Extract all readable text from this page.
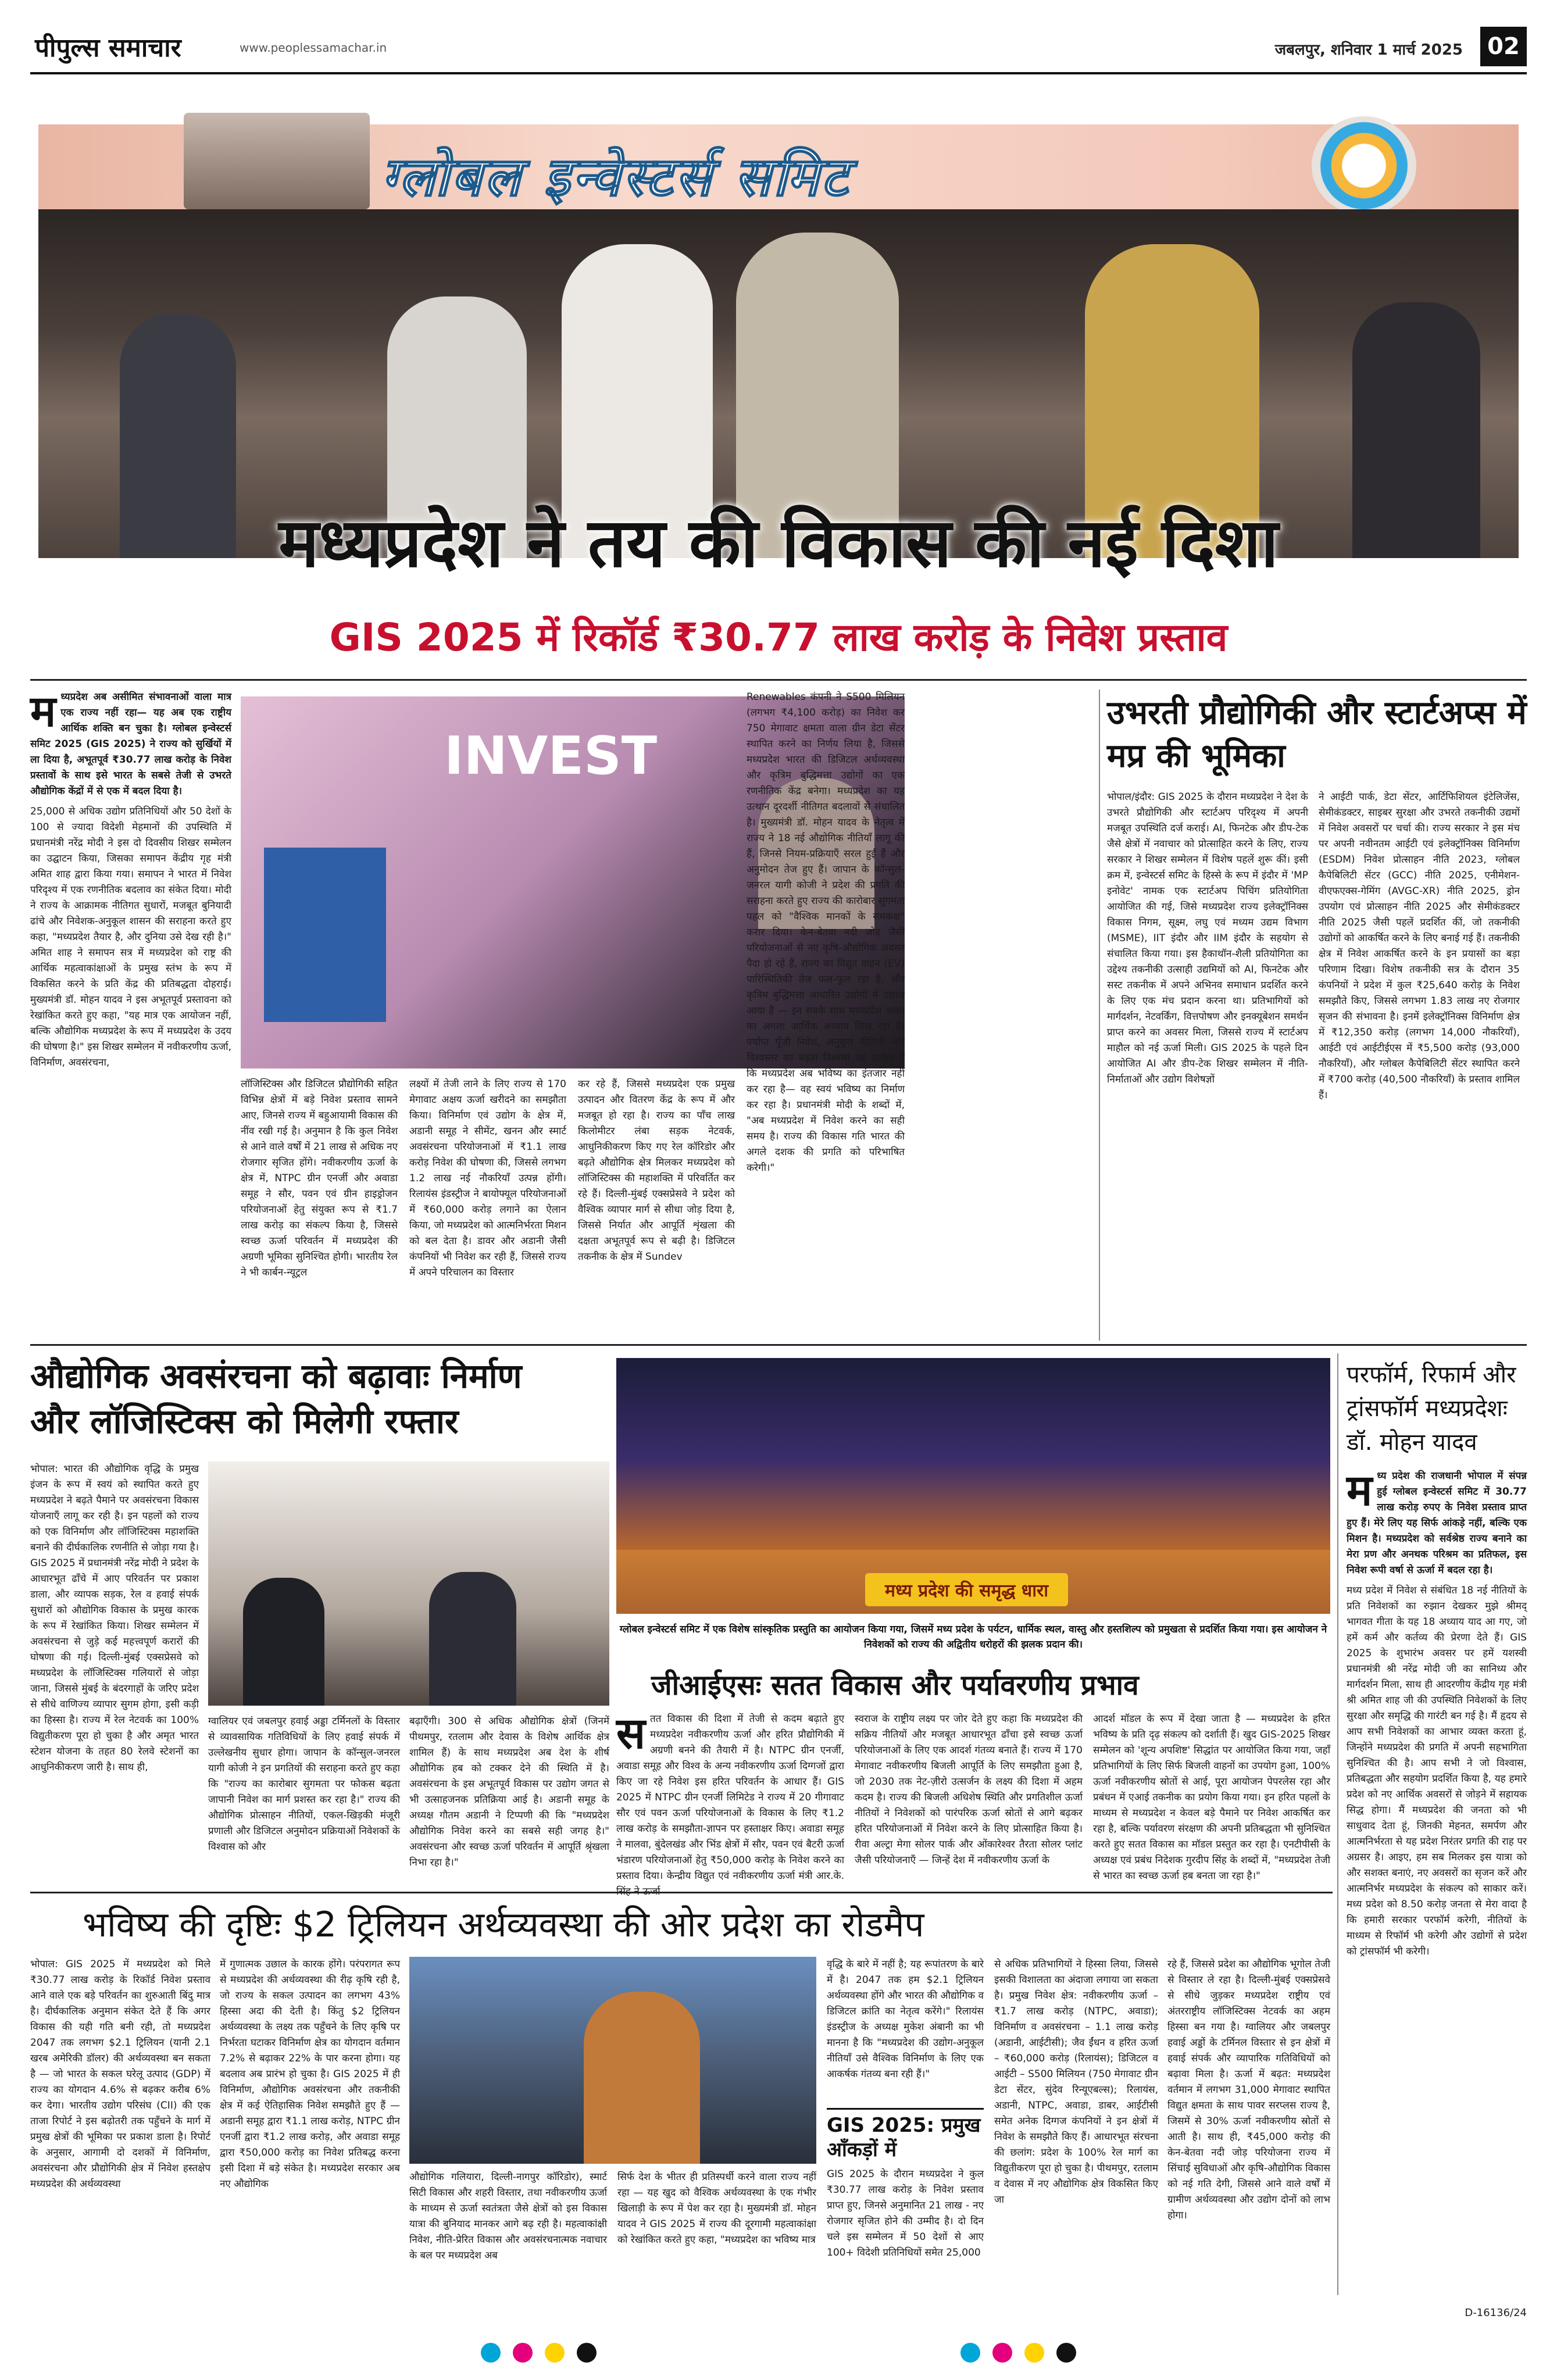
पीपुल्स समाचार	www.peoplessamachar.in	जबलपुर, शनिवार 1 मार्च 2025	02
ग्लोबल इन्वेस्टर्स समिट
मध्यप्रदेश ने तय की विकास की नई दिशा
GIS 2025 में रिकॉर्ड ₹30.77 लाख करोड़ के निवेश प्रस्ताव
म ध्यप्रदेश अब असीमित संभावनाओं वाला मात्र एक राज्य नहीं रहा— यह अब एक राष्ट्रीय आर्थिक शक्ति बन चुका है। ग्लोबल इन्वेस्टर्स समिट 2025 (GIS 2025) ने राज्य को सुर्खियों में ला दिया है, अभूतपूर्व ₹30.77 लाख करोड़ के निवेश प्रस्तावों के साथ इसे भारत के सबसे तेजी से उभरते औद्योगिक केंद्रों में से एक में बदल दिया है।

25,000 से अधिक उद्योग प्रतिनिधियों और 50 देशों के 100 से ज्यादा विदेशी मेहमानों की उपस्थिति में प्रधानमंत्री नरेंद्र मोदी ने इस दो दिवसीय शिखर सम्मेलन का उद्घाटन किया, जिसका समापन केंद्रीय गृह मंत्री अमित शाह द्वारा किया गया। समापन ने भारत में निवेश परिदृश्य में एक रणनीतिक बदलाव का संकेत दिया। मोदी ने राज्य के आक्रामक नीतिगत सुधारों, मजबूत बुनियादी ढांचे और निवेशक-अनुकूल शासन की सराहना करते हुए कहा, "मध्यप्रदेश तैयार है, और दुनिया उसे देख रही है।" अमित शाह ने समापन सत्र में मध्यप्रदेश को राष्ट्र की आर्थिक महत्वाकांक्षाओं के प्रमुख स्तंभ के रूप में विकसित करने के प्रति केंद्र की प्रतिबद्धता दोहराई। मुख्यमंत्री डॉ. मोहन यादव ने इस अभूतपूर्व प्रस्तावना को रेखांकित करते हुए कहा, "यह मात्र एक आयोजन नहीं, बल्कि औद्योगिक मध्यप्रदेश के रूप में मध्यप्रदेश के उदय की घोषणा है।" इस शिखर सम्मेलन में नवीकरणीय ऊर्जा, विनिर्माण, अवसंरचना,

INVEST
लॉजिस्टिक्स और डिजिटल प्रौद्योगिकी सहित विभिन्न क्षेत्रों में बड़े निवेश प्रस्ताव सामने आए, जिनसे राज्य में बहुआयामी विकास की नींव रखी गई है। अनुमान है कि कुल निवेश से आने वाले वर्षों में 21 लाख से अधिक नए रोजगार सृजित होंगे। नवीकरणीय ऊर्जा के क्षेत्र में, NTPC ग्रीन एनर्जी और अवाडा समूह ने सौर, पवन एवं ग्रीन हाइड्रोजन परियोजनाओं हेतु संयुक्त रूप से ₹1.7 लाख करोड़ का संकल्प किया है, जिससे स्वच्छ ऊर्जा परिवर्तन में मध्यप्रदेश की अग्रणी भूमिका सुनिश्चित होगी। भारतीय रेल ने भी कार्बन-न्यूट्रल
लक्ष्यों में तेजी लाने के लिए राज्य से 170 मेगावाट अक्षय ऊर्जा खरीदने का समझौता किया। विनिर्माण एवं उद्योग के क्षेत्र में, अडानी समूह ने सीमेंट, खनन और स्मार्ट अवसंरचना परियोजनाओं में ₹1.1 लाख करोड़ निवेश की घोषणा की, जिससे लगभग 1.2 लाख नई नौकरियाँ उत्पन्न होंगी। रिलायंस इंडस्ट्रीज ने बायोफ्यूल परियोजनाओं में ₹60,000 करोड़ लगाने का ऐलान किया, जो मध्यप्रदेश को आत्मनिर्भरता मिशन को बल देता है। डावर और अडानी जैसी कंपनियों भी निवेश कर रही हैं, जिससे राज्य में अपने परिचालन का विस्तार
कर रहे हैं, जिससे मध्यप्रदेश एक प्रमुख उत्पादन और वितरण केंद्र के रूप में और मजबूत हो रहा है। राज्य का पाँच लाख किलोमीटर लंबा सड़क नेटवर्क, आधुनिकीकरण किए गए रेल कॉरिडोर और बढ़ते औद्योगिक क्षेत्र मिलकर मध्यप्रदेश को लॉजिस्टिक्स की महाशक्ति में परिवर्तित कर रहे हैं। दिल्ली-मुंबई एक्सप्रेसवे ने प्रदेश को वैश्विक व्यापार मार्ग से सीधा जोड़ दिया है, जिससे निर्यात और आपूर्ति शृंखला की दक्षता अभूतपूर्व रूप से बढ़ी है। डिजिटल तकनीक के क्षेत्र में Sundev
Renewables कंपनी ने S500 मिलियन (लगभग ₹4,100 करोड़) का निवेश कर 750 मेगावाट क्षमता वाला ग्रीन डेटा सेंटर स्थापित करने का निर्णय लिया है, जिससे मध्यप्रदेश भारत की डिजिटल अर्थव्यवस्था और कृत्रिम बुद्धिमत्ता उद्योगों का एक रणनीतिक केंद्र बनेगा। मध्यप्रदेश का यह उत्थान दूरदर्शी नीतिगत बदलावों से संचालित है। मुख्यमंत्री डॉ. मोहन यादव के नेतृत्व में राज्य ने 18 नई औद्योगिक नीतियाँ लागू की हैं, जिनसे नियम-प्रक्रियाएँ सरल हुई हैं और अनुमोदन तेज हुए हैं। जापान के कॉन्सुल-जनरल यागी कोजी ने प्रदेश की प्रगति की सराहना करते हुए राज्य की कारोबार सुगमता पहल को "वैश्विक मानकों के समकक्ष" करार दिया। केन-बेतवा नदी जोड़ जैसी परियोजनाओं से नए कृषि-औद्योगिक अवसर पैदा हो रहे हैं, राज्य का विद्युत वाहन (EV) पारिस्थितिकी तेज फल-फूल रहा है, और कृत्रिम बुद्धिमत्ता आधारित उद्योगों में उछाल आया है — इन सबके साथ मध्यप्रदेश भारत का अगला आर्थिक अध्याय लिख रहा है। पर्याप्त पूँजी निवेश, अनुकूल नीतियों और विश्वस्तर का बढ़ता विश्वास यह दर्शाता है कि मध्यप्रदेश अब भविष्य का इंतजार नहीं कर रहा है— वह स्वयं भविष्य का निर्माण कर रहा है। प्रधानमंत्री मोदी के शब्दों में, "अब मध्यप्रदेश में निवेश करने का सही समय है। राज्य की विकास गति भारत की अगले दशक की प्रगति को परिभाषित करेगी।"
उभरती प्रौद्योगिकी और स्टार्टअप्स में मप्र की भूमिका
भोपाल/इंदौर: GIS 2025 के दौरान मध्यप्रदेश ने देश के उभरते प्रौद्योगिकी और स्टार्टअप परिदृश्य में अपनी मजबूत उपस्थिति दर्ज कराई। AI, फिनटेक और डीप-टेक जैसे क्षेत्रों में नवाचार को प्रोत्साहित करने के लिए, राज्य सरकार ने शिखर सम्मेलन में विशेष पहलें शुरू कीं। इसी क्रम में, इन्वेस्टर्स समिट के हिस्से के रूप में इंदौर में 'MP इनोवेट' नामक एक स्टार्टअप पिचिंग प्रतियोगिता आयोजित की गई, जिसे मध्यप्रदेश राज्य इलेक्ट्रॉनिक्स विकास निगम, सूक्ष्म, लघु एवं मध्यम उद्यम विभाग (MSME), IIT इंदौर और IIM इंदौर के सहयोग से संचालित किया गया। इस हैकाथॉन-शैली प्रतियोगिता का उद्देश्य तकनीकी उत्साही उद्यमियों को AI, फिनटेक और सस्ट तकनीक में अपने अभिनव समाधान प्रदर्शित करने के लिए एक मंच प्रदान करना था। प्रतिभागियों को मार्गदर्शन, नेटवर्किंग, वित्तपोषण और इनक्यूबेशन समर्थन प्राप्त करने का अवसर मिला, जिससे राज्य में स्टार्टअप माहौल को नई ऊर्जा मिली। GIS 2025 के पहले दिन आयोजित AI और डीप-टेक शिखर सम्मेलन में नीति-निर्माताओं और उद्योग विशेषज्ञों
ने आईटी पार्क, डेटा सेंटर, आर्टिफिशियल इंटेलिजेंस, सेमीकंडक्टर, साइबर सुरक्षा और उभरते तकनीकी उद्यमों में निवेश अवसरों पर चर्चा की। राज्य सरकार ने इस मंच पर अपनी नवीनतम आईटी एवं इलेक्ट्रॉनिक्स विनिर्माण (ESDM) निवेश प्रोत्साहन नीति 2023, ग्लोबल कैपेबिलिटी सेंटर (GCC) नीति 2025, एनीमेशन-वीएफएक्स-गेमिंग (AVGC-XR) नीति 2025, ड्रोन उपयोग एवं प्रोत्साहन नीति 2025 और सेमीकंडक्टर नीति 2025 जैसी पहलें प्रदर्शित कीं, जो तकनीकी उद्योगों को आकर्षित करने के लिए बनाई गई हैं। तकनीकी क्षेत्र में निवेश आकर्षित करने के इन प्रयासों का बड़ा परिणाम दिखा। विशेष तकनीकी सत्र के दौरान 35 कंपनियों ने प्रदेश में कुल ₹25,640 करोड़ के निवेश समझौते किए, जिससे लगभग 1.83 लाख नए रोजगार सृजन की संभावना है। इनमें इलेक्ट्रॉनिक्स विनिर्माण क्षेत्र में ₹12,350 करोड़ (लगभग 14,000 नौकरियाँ), आईटी एवं आईटीईएस में ₹5,500 करोड़ (93,000 नौकरियाँ), और ग्लोबल कैपेबिलिटी सेंटर स्थापित करने में ₹700 करोड़ (40,500 नौकरियाँ) के प्रस्ताव शामिल हैं।
औद्योगिक अवसंरचना को बढ़ावाः निर्माण
और लॉजिस्टिक्स को मिलेगी रफ्तार
भोपाल: भारत की औद्योगिक वृद्धि के प्रमुख इंजन के रूप में स्वयं को स्थापित करते हुए मध्यप्रदेश ने बढ़ते पैमाने पर अवसंरचना विकास योजनाएँ लागू कर रही है। इन पहलों को राज्य को एक विनिर्माण और लॉजिस्टिक्स महाशक्ति बनाने की दीर्घकालिक रणनीति से जोड़ा गया है। GIS 2025 में प्रधानमंत्री नरेंद्र मोदी ने प्रदेश के आधारभूत ढाँचे में आए परिवर्तन पर प्रकाश डाला, और व्यापक सड़क, रेल व हवाई संपर्क सुधारों को औद्योगिक विकास के प्रमुख कारक के रूप में रेखांकित किया। शिखर सम्मेलन में अवसंरचना से जुड़े कई महत्त्वपूर्ण करारों की घोषणा की गई। दिल्ली-मुंबई एक्सप्रेसवे को मध्यप्रदेश के लॉजिस्टिक्स गलियारों से जोड़ा जाना, जिससे मुंबई के बंदरगाहों के जरिए प्रदेश से सीधे वाणिज्य व्यापार सुगम होगा, इसी कड़ी का हिस्सा है। राज्य में रेल नेटवर्क का 100% विद्युतीकरण पूरा हो चुका है और अमृत भारत स्टेशन योजना के तहत 80 रेलवे स्टेशनों का आधुनिकीकरण जारी है। साथ ही,
ग्वालियर एवं जबलपुर हवाई अड्डा टर्मिनलों के विस्तार से व्यावसायिक गतिविधियों के लिए हवाई संपर्क में उल्लेखनीय सुधार होगा। जापान के कॉन्सुल-जनरल यागी कोजी ने इन प्रगतियों की सराहना करते हुए कहा कि "राज्य का कारोबार सुगमता पर फोकस बढ़ता जापानी निवेश का मार्ग प्रशस्त कर रहा है।" राज्य की औद्योगिक प्रोत्साहन नीतियों, एकल-खिड़की मंजूरी प्रणाली और डिजिटल अनुमोदन प्रक्रियाओं निवेशकों के विश्वास को और
बढ़ाएँगी। 300 से अधिक औद्योगिक क्षेत्रों (जिनमें पीथमपुर, रतलाम और देवास के विशेष आर्थिक क्षेत्र शामिल हैं) के साथ मध्यप्रदेश अब देश के शीर्ष औद्योगिक हब को टक्कर देने की स्थिति में है। अवसंरचना के इस अभूतपूर्व विकास पर उद्योग जगत से भी उत्साहजनक प्रतिक्रिया आई है। अडानी समूह के अध्यक्ष गौतम अडानी ने टिप्पणी की कि "मध्यप्रदेश औद्योगिक निवेश करने का सबसे सही जगह है।" अवसंरचना और स्वच्छ ऊर्जा परिवर्तन में आपूर्ति श्रृंखला निभा रहा है।"
मध्य प्रदेश की समृद्ध धारा
ग्लोबल इन्वेस्टर्स समिट में एक विशेष सांस्कृतिक प्रस्तुति का आयोजन किया गया, जिसमें मध्य प्रदेश के पर्यटन, धार्मिक स्थल, वास्तु और हस्तशिल्प को प्रमुखता से प्रदर्शित किया गया। इस आयोजन ने निवेशकों को राज्य की अद्वितीय धरोहरों की झलक प्रदान की।
जीआईएसः सतत विकास और पर्यावरणीय प्रभाव
स तत विकास की दिशा में तेजी से कदम बढ़ाते हुए मध्यप्रदेश नवीकरणीय ऊर्जा और हरित प्रौद्योगिकी में अग्रणी बनने की तैयारी में है। NTPC ग्रीन एनर्जी, अवाडा समूह और विश्व के अन्य नवीकरणीय ऊर्जा दिग्गजों द्वारा किए जा रहे निवेश इस हरित परिवर्तन के आधार हैं। GIS 2025 में NTPC ग्रीन एनर्जी लिमिटेड ने राज्य में 20 गीगावाट सौर एवं पवन ऊर्जा परियोजनाओं के विकास के लिए ₹1.2 लाख करोड़ के समझौता-ज्ञापन पर हस्ताक्षर किए। अवाडा समूह ने मालवा, बुंदेलखंड और भिंड क्षेत्रों में सौर, पवन एवं बैटरी ऊर्जा भंडारण परियोजनाओं हेतु ₹50,000 करोड़ के निवेश करने का प्रस्ताव दिया। केन्द्रीय विद्युत एवं नवीकरणीय ऊर्जा मंत्री आर.के.
स्वराज के राष्ट्रीय लक्ष्य पर जोर देते हुए कहा कि मध्यप्रदेश की सक्रिय नीतियों और मजबूत आधारभूत ढाँचा इसे स्वच्छ ऊर्जा परियोजनाओं के लिए एक आदर्श गंतव्य बनाते हैं। राज्य में 170 मेगावाट नवीकरणीय बिजली आपूर्ति के लिए समझौता हुआ है, जो 2030 तक नेट-ज़ीरो उत्सर्जन के लक्ष्य की दिशा में अहम कदम है। राज्य की बिजली अधिशेष स्थिति और प्रगतिशील ऊर्जा नीतियों ने निवेशकों को पारंपरिक ऊर्जा स्रोतों से आगे बढ़कर हरित परियोजनाओं में निवेश करने के लिए प्रोत्साहित किया है। रीवा अल्ट्रा मेगा सोलर पार्क और ओंकारेश्वर तैरता सोलर प्लांट जैसी परियोजनाएँ — जिन्हें देश में नवीकरणीय ऊर्जा के
आदर्श मॉडल के रूप में देखा जाता है — मध्यप्रदेश के हरित भविष्य के प्रति दृढ़ संकल्प को दर्शाती हैं। खुद GIS-2025 शिखर सम्मेलन को 'शून्य अपशिष्ट' सिद्धांत पर आयोजित किया गया, जहाँ प्रतिभागियों के लिए सिर्फ बिजली वाहनों का उपयोग हुआ, 100% ऊर्जा नवीकरणीय स्रोतों से आई, पूरा आयोजन पेपरलेस रहा और प्रबंधन में एआई तकनीक का प्रयोग किया गया। इन हरित पहलों के माध्यम से मध्यप्रदेश न केवल बड़े पैमाने पर निवेश आकर्षित कर रहा है, बल्कि पर्यावरण संरक्षण की अपनी प्रतिबद्धता भी सुनिश्चित करते हुए सतत विकास का मॉडल प्रस्तुत कर रहा है। एनटीपीसी के अध्यक्ष एवं प्रबंध निदेशक गुरदीप सिंह के शब्दों में, "मध्यप्रदेश तेजी से भारत का स्वच्छ ऊर्जा हब बनता जा रहा है।"
परफॉर्म, रिफार्म और ट्रांसफॉर्म मध्यप्रदेशः डॉ. मोहन यादव
म ध्य प्रदेश की राजधानी भोपाल में संपन्न हुई ग्लोबल इन्वेस्टर्स समिट में 30.77 लाख करोड़ रुपए के निवेश प्रस्ताव प्राप्त हुए हैं। मेरे लिए यह सिर्फ आंकड़े नहीं, बल्कि एक मिशन है। मध्यप्रदेश को सर्वश्रेष्ठ राज्य बनाने का मेरा प्रण और अनथक परिश्रम का प्रतिफल, इस निवेश रूपी वर्षा से ऊर्जा में बदल रहा है।

मध्य प्रदेश में निवेश से संबंधित 18 नई नीतियों के प्रति निवेशकों का रुझान देखकर मुझे श्रीमद् भागवत गीता के यह 18 अध्याय याद आ गए, जो हमें कर्म और कर्तव्य की प्रेरणा देते हैं। GIS 2025 के शुभारंभ अवसर पर हमें यशस्वी प्रधानमंत्री श्री नरेंद्र मोदी जी का सानिध्य और मार्गदर्शन मिला, साथ ही आदरणीय केंद्रीय गृह मंत्री श्री अमित शाह जी की उपस्थिति निवेशकों के लिए सुरक्षा और समृद्धि की गारंटी बन गई है। मैं हृदय से आप सभी निवेशकों का आभार व्यक्त करता हूं, जिन्होंने मध्यप्रदेश की प्रगति में अपनी सहभागिता सुनिश्चित की है। आप सभी ने जो विश्वास, प्रतिबद्धता और सहयोग प्रदर्शित किया है, यह हमारे प्रदेश को नए आर्थिक अवसरों से जोड़ने में सहायक सिद्ध होगा। मैं मध्यप्रदेश की जनता को भी साधुवाद देता हूं, जिनकी मेहनत, समर्पण और आत्मनिर्भरता से यह प्रदेश निरंतर प्रगति की राह पर अग्रसर है। आइए, हम सब मिलकर इस यात्रा को और सशक्त बनाएं, नए अवसरों का सृजन करें और आत्मनिर्भर मध्यप्रदेश के संकल्प को साकार करें। मध्य प्रदेश को 8.50 करोड़ जनता से मेरा वादा है कि हमारी सरकार परफॉर्म करेगी, नीतियों के माध्यम से रिफॉर्म भी करेगी और उद्योगों से प्रदेश को ट्रांसफॉर्म भी करेगी।

भविष्य की दृष्टिः $2 ट्रिलियन अर्थव्यवस्था की ओर प्रदेश का रोडमैप
भोपाल: GIS 2025 में मध्यप्रदेश को मिले ₹30.77 लाख करोड़ के रिकॉर्ड निवेश प्रस्ताव आने वाले एक बड़े परिवर्तन का शुरुआती बिंदु मात्र है। दीर्घकालिक अनुमान संकेत देते हैं कि अगर विकास की यही गति बनी रही, तो मध्यप्रदेश 2047 तक लगभग $2.1 ट्रिलियन (यानी 2.1 खरब अमेरिकी डॉलर) की अर्थव्यवस्था बन सकता है — जो भारत के सकल घरेलू उत्पाद (GDP) में राज्य का योगदान 4.6% से बढ़कर करीब 6% कर देगा। भारतीय उद्योग परिसंघ (CII) की एक ताजा रिपोर्ट ने इस बढ़ोतरी तक पहुँचने के मार्ग में प्रमुख क्षेत्रों की भूमिका पर प्रकाश डाला है। रिपोर्ट के अनुसार, आगामी दो दशकों में विनिर्माण, अवसंरचना और प्रौद्योगिकी क्षेत्र में निवेश हस्तक्षेप मध्यप्रदेश की अर्थव्यवस्था
में गुणात्मक उछाल के कारक होंगे। परंपरागत रूप से मध्यप्रदेश की अर्थव्यवस्था की रीढ़ कृषि रही है, जो राज्य के सकल उत्पादन का लगभग 43% हिस्सा अदा की देती है। किंतु $2 ट्रिलियन अर्थव्यवस्था के लक्ष्य तक पहुँचने के लिए कृषि पर निर्भरता घटाकर विनिर्माण क्षेत्र का योगदान वर्तमान 7.2% से बढ़ाकर 22% के पार करना होगा। यह बदलाव अब प्रारंभ हो चुका है। GIS 2025 में ही विनिर्माण, औद्योगिक अवसंरचना और तकनीकी क्षेत्र में कई ऐतिहासिक निवेश समझौते हुए हैं — अडानी समूह द्वारा ₹1.1 लाख करोड़, NTPC ग्रीन एनर्जी द्वारा ₹1.2 लाख करोड़, और अवाडा समूह द्वारा ₹50,000 करोड़ का निवेश प्रतिबद्ध करना इसी दिशा में बड़े संकेत है। मध्यप्रदेश सरकार अब नए औद्योगिक
औद्योगिक गलियारा, दिल्ली-नागपुर कॉरिडोर), स्मार्ट सिटी विकास और शहरी विस्तार, तथा नवीकरणीय ऊर्जा के माध्यम से ऊर्जा स्वतंत्रता जैसे क्षेत्रों को इस विकास यात्रा की बुनियाद मानकर आगे बढ़ रही है। महत्वाकांक्षी निवेश, नीति-प्रेरित विकास और अवसंरचनात्मक नवाचार के बल पर मध्यप्रदेश अब
सिर्फ देश के भीतर ही प्रतिस्पर्धी करने वाला राज्य नहीं रहा — यह खुद को वैश्विक अर्थव्यवस्था के एक गंभीर खिलाड़ी के रूप में पेश कर रहा है। मुख्यमंत्री डॉ. मोहन यादव ने GIS 2025 में राज्य की दूरगामी महत्वाकांक्षा को रेखांकित करते हुए कहा, "मध्यप्रदेश का भविष्य मात्र
वृद्धि के बारे में नहीं है; यह रूपांतरण के बारे में है। 2047 तक हम $2.1 ट्रिलियन अर्थव्यवस्था होंगे और भारत की औद्योगिक व डिजिटल क्रांति का नेतृत्व करेंगे।" रिलायंस इंडस्ट्रीज के अध्यक्ष मुकेश अंबानी का भी मानना है कि "मध्यप्रदेश की उद्योग-अनुकूल नीतियाँ उसे वैश्विक विनिर्माण के लिए एक आकर्षक गंतव्य बना रही हैं।"
GIS 2025: प्रमुख आँकड़ों में
GIS 2025 के दौरान मध्यप्रदेश ने कुल ₹30.77 लाख करोड़ के निवेश प्रस्ताव प्राप्त हुए, जिनसे अनुमानित 21 लाख - नए रोजगार सृजित होने की उम्मीद है। दो दिन चले इस सम्मेलन में 50 देशों से आए 100+ विदेशी प्रतिनिधियों समेत 25,000
से अधिक प्रतिभागियों ने हिस्सा लिया, जिससे इसकी विशालता का अंदाजा लगाया जा सकता है। प्रमुख निवेश क्षेत्र: नवीकरणीय ऊर्जा – ₹1.7 लाख करोड़ (NTPC, अवाडा); विनिर्माण व अवसंरचना – 1.1 लाख करोड़ (अडानी, आईटीसी); जैव ईंधन व हरित ऊर्जा – ₹60,000 करोड़ (रिलायंस); डिजिटल व आईटी – S500 मिलियन (750 मेगावाट ग्रीन डेटा सेंटर, सुंदेव रिन्यूएबल्स); रिलायंस, अडानी, NTPC, अवाडा, डाबर, आईटीसी समेत अनेक दिग्गज कंपनियों ने इन क्षेत्रों में निवेश के समझौते किए हैं। आधारभूत संरचना की छलांग: प्रदेश के 100% रेल मार्ग का विद्युतीकरण पूरा हो चुका है। पीथमपुर, रतलाम व देवास में नए औद्योगिक क्षेत्र विकसित किए जा
रहे हैं, जिससे प्रदेश का औद्योगिक भूगोल तेजी से विस्तार ले रहा है। दिल्ली-मुंबई एक्सप्रेसवे से सीधे जुड़कर मध्यप्रदेश राष्ट्रीय एवं अंतरराष्ट्रीय लॉजिस्टिक्स नेटवर्क का अहम हिस्सा बन गया है। ग्वालियर और जबलपुर हवाई अड्डों के टर्मिनल विस्तार से इन क्षेत्रों में हवाई संपर्क और व्यापारिक गतिविधियों को बढ़ावा मिला है। ऊर्जा में बढ़त: मध्यप्रदेश वर्तमान में लगभग 31,000 मेगावाट स्थापित विद्युत क्षमता के साथ पावर सरप्लस राज्य है, जिसमें से 30% ऊर्जा नवीकरणीय स्रोतों से आती है। साथ ही, ₹45,000 करोड़ की केन-बेतवा नदी जोड़ परियोजना राज्य में सिंचाई सुविधाओं और कृषि-औद्योगिक विकास को नई गति देगी, जिससे आने वाले वर्षों में ग्रामीण अर्थव्यवस्था और उद्योग दोनों को लाभ होगा।
D-16136/24
